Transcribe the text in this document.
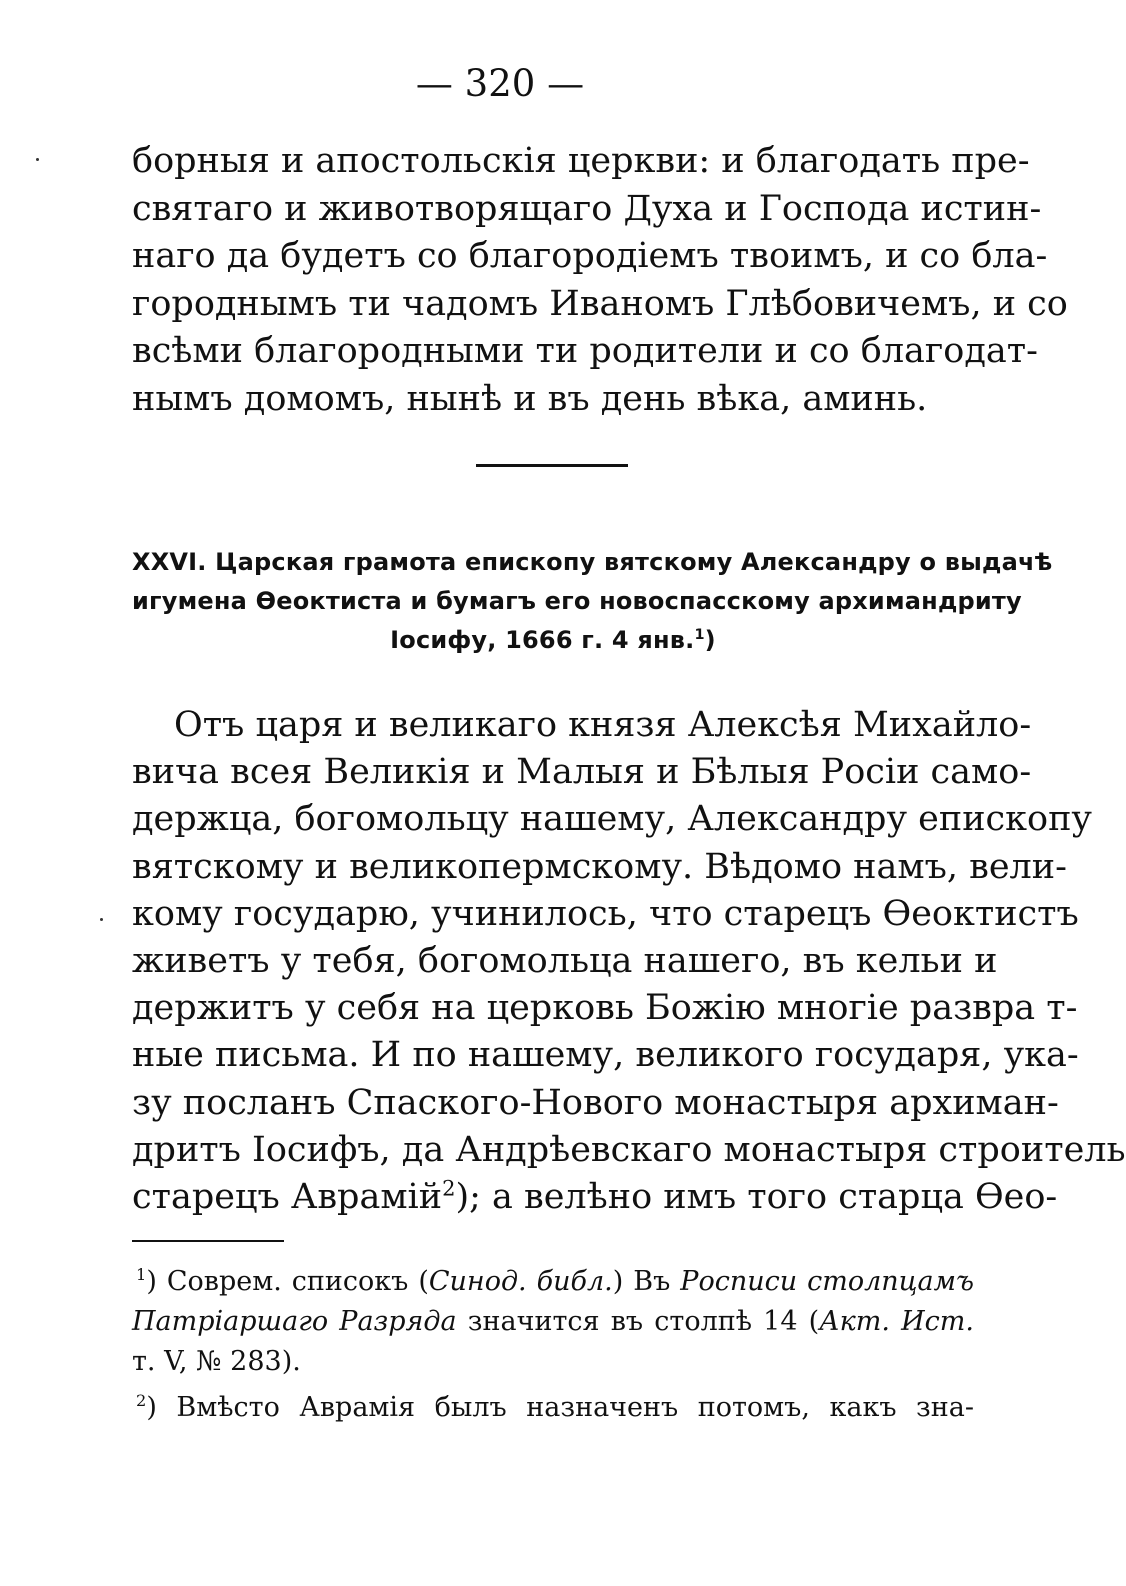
— 320 —
борныя и апостольскія церкви: и благодать пре-
святаго и животворящаго Духа и Господа истин-
наго да будетъ со благородіемъ твоимъ, и со бла-
городнымъ ти чадомъ Иваномъ Глѣбовичемъ, и со
всѣми благородными ти родители и со благодат-
нымъ домомъ, нынѣ и въ день вѣка, аминь.
XXVI. Царская грамота епископу вятскому Александру о выдачѣ
игумена Ѳеоктиста и бумагъ его новоспасскому архимандриту
Іосифу, 1666 г. 4 янв.$^1$)
Отъ царя и великаго князя Алексѣя Михайло-
вича всея Великія и Малыя и Бѣлыя Росіи само-
держца, богомольцу нашему, Александру епископу
вятскому и великопермскому. Вѣдомо намъ, вели-
кому государю, учинилось, что старецъ Ѳеоктистъ
живетъ у тебя, богомольца нашего, въ кельи и
держитъ у себя на церковь Божію многіе развра т-
ные письма. И по нашему, великого государя, ука-
зу посланъ Спаского-Нового монастыря архиман-
дритъ Іосифъ, да Андрѣевскаго монастыря строитель
старецъ Аврамій$^2$); а велѣно имъ того старца Ѳео-
$^1$) Соврем. списокъ (Синод. библ.) Въ Росписи столпцамъ
Патріаршаго Разряда значится въ столпѣ 14 (Акт. Ист.
т. V, № 283).
$^2$) Вмѣсто Аврамія былъ назначенъ потомъ, какъ зна-
